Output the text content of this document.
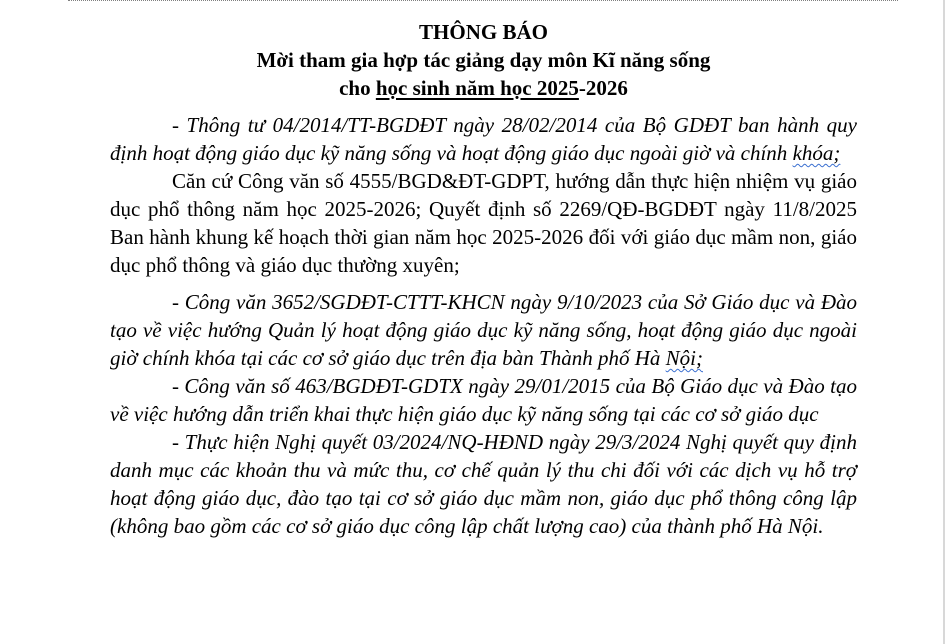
THÔNG BÁO

Mời tham gia hợp tác giảng dạy môn Kĩ năng sống

cho học sinh năm học 2025-2026

- Thông tư 04/2014/TT-BGDĐT ngày 28/02/2014 của Bộ GDĐT ban hành quy định hoạt động giáo dục kỹ năng sống và hoạt động giáo dục ngoài giờ và chính khóa;

Căn cứ Công văn số 4555/BGD&ĐT-GDPT, hướng dẫn thực hiện nhiệm vụ giáo dục phổ thông năm học 2025-2026; Quyết định số 2269/QĐ-BGDĐT ngày 11/8/2025 Ban hành khung kế hoạch thời gian năm học 2025-2026 đối với giáo dục mầm non, giáo dục phổ thông và giáo dục thường xuyên;

- Công văn 3652/SGDĐT-CTTT-KHCN ngày 9/10/2023 của Sở Giáo dục và Đào tạo về việc hướng Quản lý hoạt động giáo dục kỹ năng sống, hoạt động giáo dục ngoài giờ chính khóa tại các cơ sở giáo dục trên địa bàn Thành phố Hà Nội;

- Công văn số 463/BGDĐT-GDTX ngày 29/01/2015 của Bộ Giáo dục và Đào tạo về việc hướng dẫn triển khai thực hiện giáo dục kỹ năng sống tại các cơ sở giáo dục

- Thực hiện Nghị quyết 03/2024/NQ-HĐND ngày 29/3/2024 Nghị quyết quy định danh mục các khoản thu và mức thu, cơ chế quản lý thu chi đối với các dịch vụ hỗ trợ hoạt động giáo dục, đào tạo tại cơ sở giáo dục mầm non, giáo dục phổ thông công lập (không bao gồm các cơ sở giáo dục công lập chất lượng cao) của thành phố Hà Nội.
